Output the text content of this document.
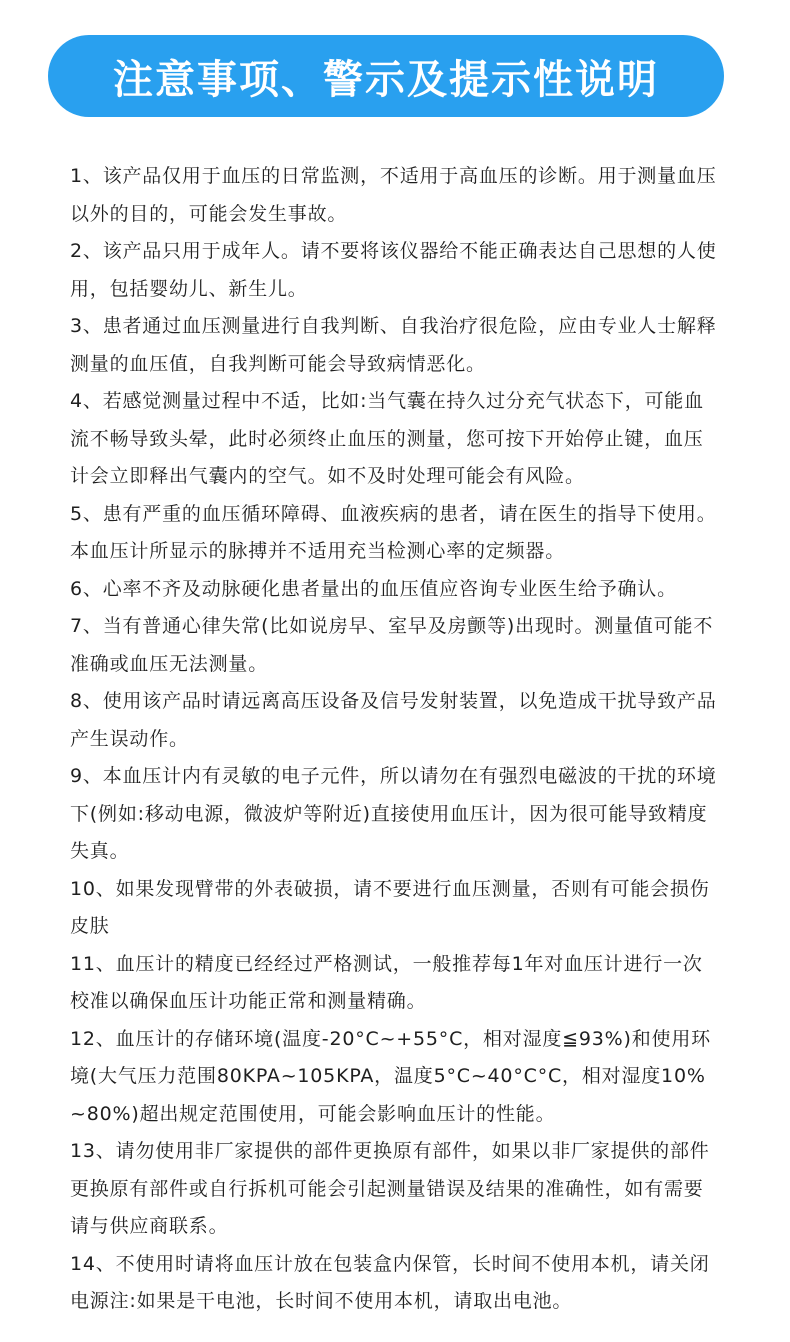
注意事项、警示及提示性说明
1、该产品仅用于血压的日常监测，不适用于高血压的诊断。用于测量血压以外的目的，可能会发生事故。
2、该产品只用于成年人。请不要将该仪器给不能正确表达自己思想的人使用，包括婴幼儿、新生儿。
3、患者通过血压测量进行自我判断、自我治疗很危险，应由专业人士解释测量的血压值，自我判断可能会导致病情恶化。
4、若感觉测量过程中不适，比如:当气囊在持久过分充气状态下，可能血流不畅导致头晕，此时必须终止血压的测量，您可按下开始停止键，血压计会立即释出气囊内的空气。如不及时处理可能会有风险。
5、患有严重的血压循环障碍、血液疾病的患者，请在医生的指导下使用。本血压计所显示的脉搏并不适用充当检测心率的定频器。
6、心率不齐及动脉硬化患者量出的血压值应咨询专业医生给予确认。
7、当有普通心律失常(比如说房早、室早及房颤等)出现时。测量值可能不准确或血压无法测量。
8、使用该产品时请远离高压设备及信号发射装置，以免造成干扰导致产品产生误动作。
9、本血压计内有灵敏的电子元件，所以请勿在有强烈电磁波的干扰的环境下(例如:移动电源，微波炉等附近)直接使用血压计，因为很可能导致精度失真。
10、如果发现臂带的外表破损，请不要进行血压测量，否则有可能会损伤皮肤
11、血压计的精度已经经过严格测试，一般推荐每1年对血压计进行一次校准以确保血压计功能正常和测量精确。
12、血压计的存储环境(温度-20°C~+55°C，相对湿度≦93%)和使用环境(大气压力范围80KPA~105KPA，温度5°C~40°C°C，相对湿度10%~80%)超出规定范围使用，可能会影响血压计的性能。
13、请勿使用非厂家提供的部件更换原有部件，如果以非厂家提供的部件更换原有部件或自行拆机可能会引起测量错误及结果的准确性，如有需要请与供应商联系。
14、不使用时请将血压计放在包装盒内保管，长时间不使用本机，请关闭电源注:如果是干电池，长时间不使用本机，请取出电池。
